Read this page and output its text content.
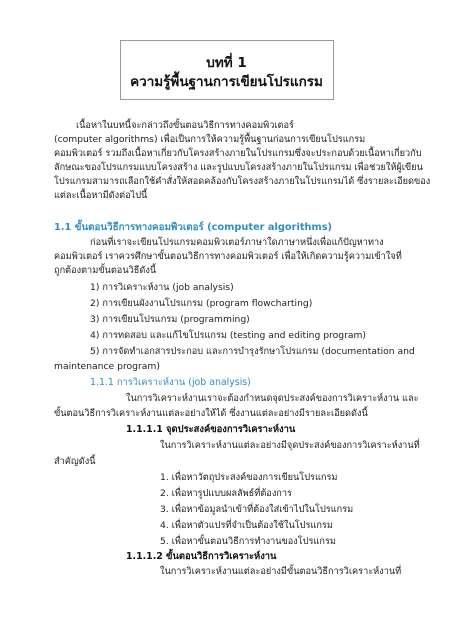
บทที่ 1

ความรู้พื้นฐานการเขียนโปรแกรม

เนื้อหาในบทนี้จะกล่าวถึงขั้นตอนวิธีการทางคอมพิวเตอร์

(computer algorithms) เพื่อเป็นการให้ความรู้พื้นฐานก่อนการเขียนโปรแกรม

คอมพิวเตอร์ รวมถึงเนื้อหาเกี่ยวกับโครงสร้างภายในโปรแกรมซึ่งจะประกอบด้วยเนื้อหาเกี่ยวกับ

ลักษณะของโปรแกรมแบบโครงสร้าง และรูปแบบโครงสร้างภายในโปรแกรม เพื่อช่วยให้ผู้เขียน

โปรแกรมสามารถเลือกใช้คำสั่งให้สอดคล้องกับโครงสร้างภายในโปรแกรมได้ ซึ่งรายละเอียดของ

แต่ละเนื้อหามีดังต่อไปนี้

1.1 ขั้นตอนวิธีการทางคอมพิวเตอร์ (computer algorithms)

ก่อนที่เราจะเขียนโปรแกรมคอมพิวเตอร์ภาษาใดภาษาหนึ่งเพื่อแก้ปัญหาทาง

คอมพิวเตอร์ เราควรศึกษาขั้นตอนวิธีการทางคอมพิวเตอร์ เพื่อให้เกิดความรู้ความเข้าใจที่

ถูกต้องตามขั้นตอนวิธีดังนี้

1) การวิเคราะห์งาน (job analysis)

2) การเขียนผังงานโปรแกรม (program flowcharting)

3) การเขียนโปรแกรม (programming)

4) การทดสอบ และแก้ไขโปรแกรม (testing and editing program)

5) การจัดทำเอกสารประกอบ และการบำรุงรักษาโปรแกรม (documentation and

maintenance program)

1.1.1 การวิเคราะห์งาน (job analysis)

ในการวิเคราะห์งานเราจะต้องกำหนดจุดประสงค์ของการวิเคราะห์งาน และ

ขั้นตอนวิธีการวิเคราะห์งานแต่ละอย่างให้ได้ ซึ่งงานแต่ละอย่างมีรายละเอียดดังนี้

1.1.1.1 จุดประสงค์ของการวิเคราะห์งาน

ในการวิเคราะห์งานแต่ละอย่างมีจุดประสงค์ของการวิเคราะห์งานที่

สำคัญดังนี้

1. เพื่อหาวัตถุประสงค์ของการเขียนโปรแกรม

2. เพื่อหารูปแบบผลลัพธ์ที่ต้องการ

3. เพื่อหาข้อมูลนำเข้าที่ต้องใส่เข้าไปในโปรแกรม

4. เพื่อหาตัวแปรที่จำเป็นต้องใช้ในโปรแกรม

5. เพื่อหาขั้นตอนวิธีการทำงานของโปรแกรม

1.1.1.2 ขั้นตอนวิธีการวิเคราะห์งาน

ในการวิเคราะห์งานแต่ละอย่างมีขั้นตอนวิธีการวิเคราะห์งานที่
